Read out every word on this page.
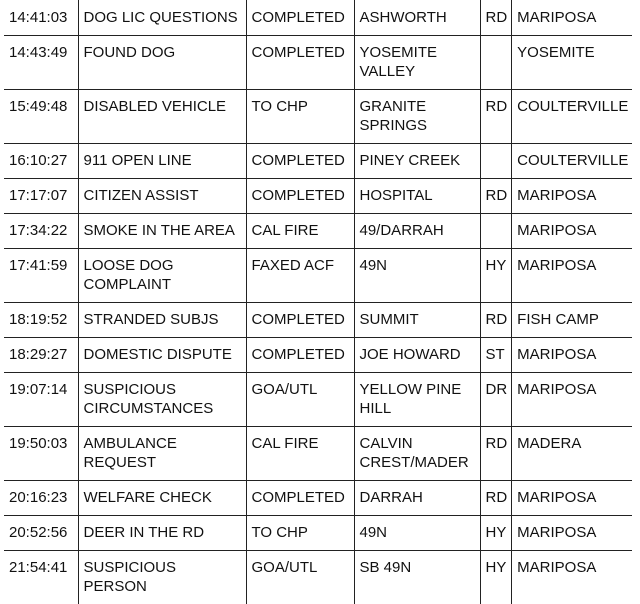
14:41:03	DOG LIC QUESTIONS	COMPLETED	ASHWORTH	RD	MARIPOSA
14:43:49	FOUND DOG	COMPLETED	YOSEMITE VALLEY		YOSEMITE
15:49:48	DISABLED VEHICLE	TO CHP	GRANITE SPRINGS	RD	COULTERVILLE
16:10:27	911 OPEN LINE	COMPLETED	PINEY CREEK		COULTERVILLE
17:17:07	CITIZEN ASSIST	COMPLETED	HOSPITAL	RD	MARIPOSA
17:34:22	SMOKE IN THE AREA	CAL FIRE	49/DARRAH		MARIPOSA
17:41:59	LOOSE DOG COMPLAINT	FAXED ACF	49N	HY	MARIPOSA
18:19:52	STRANDED SUBJS	COMPLETED	SUMMIT	RD	FISH CAMP
18:29:27	DOMESTIC DISPUTE	COMPLETED	JOE HOWARD	ST	MARIPOSA
19:07:14	SUSPICIOUS CIRCUMSTANCES	GOA/UTL	YELLOW PINE HILL	DR	MARIPOSA
19:50:03	AMBULANCE REQUEST	CAL FIRE	CALVIN CREST/MADER	RD	MADERA
20:16:23	WELFARE CHECK	COMPLETED	DARRAH	RD	MARIPOSA
20:52:56	DEER IN THE RD	TO CHP	49N	HY	MARIPOSA
21:54:41	SUSPICIOUS PERSON	GOA/UTL	SB 49N	HY	MARIPOSA
